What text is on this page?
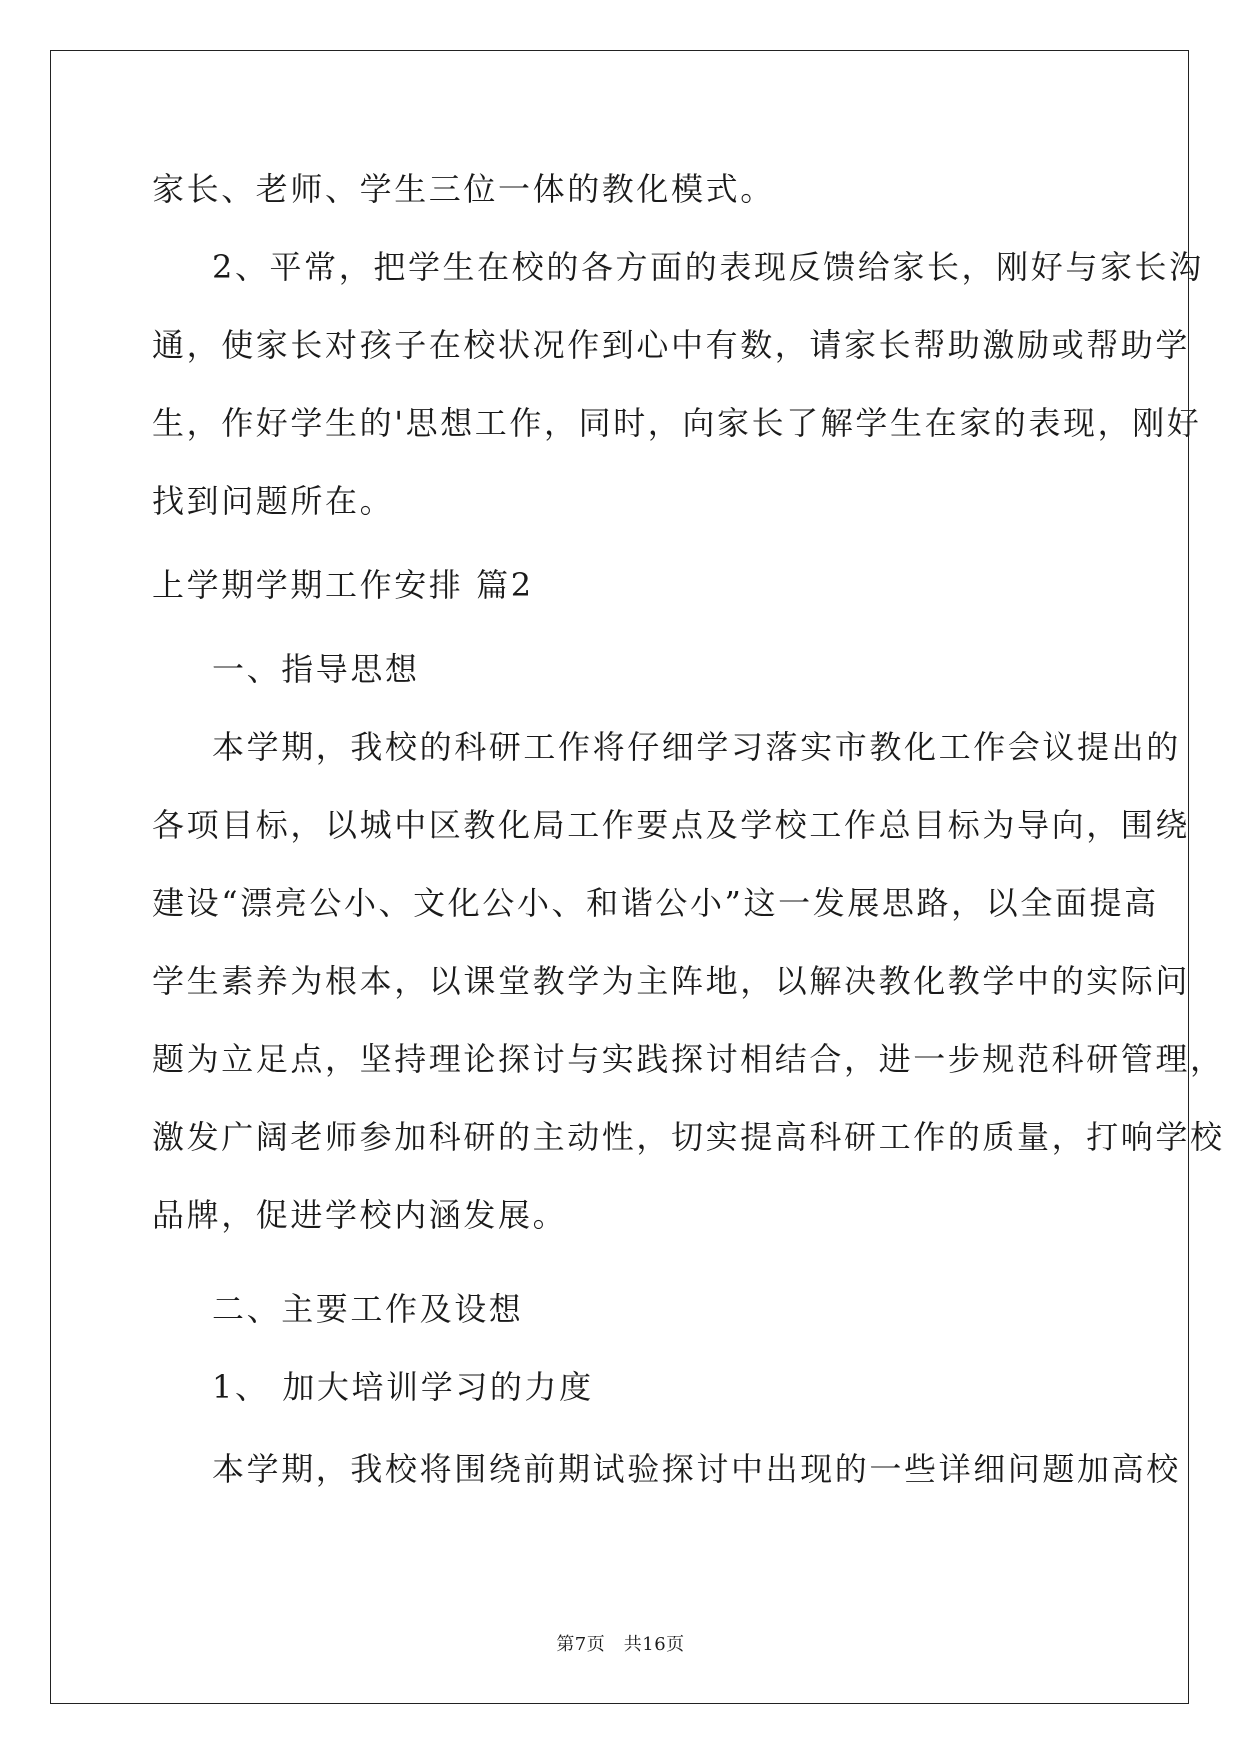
家长、老师、学生三位一体的教化模式。
2、平常，把学生在校的各方面的表现反馈给家长，刚好与家长沟
通，使家长对孩子在校状况作到心中有数，请家长帮助激励或帮助学
生，作好学生的'思想工作，同时，向家长了解学生在家的表现，刚好
找到问题所在。
上学期学期工作安排 篇2
一、指导思想
本学期，我校的科研工作将仔细学习落实市教化工作会议提出的
各项目标，以城中区教化局工作要点及学校工作总目标为导向，围绕
建设“漂亮公小、文化公小、和谐公小”这一发展思路，以全面提高
学生素养为根本，以课堂教学为主阵地，以解决教化教学中的实际问
题为立足点，坚持理论探讨与实践探讨相结合，进一步规范科研管理，
激发广阔老师参加科研的主动性，切实提高科研工作的质量，打响学校
品牌，促进学校内涵发展。
二、主要工作及设想
1、 加大培训学习的力度
本学期，我校将围绕前期试验探讨中出现的一些详细问题加高校
第7页　共16页
